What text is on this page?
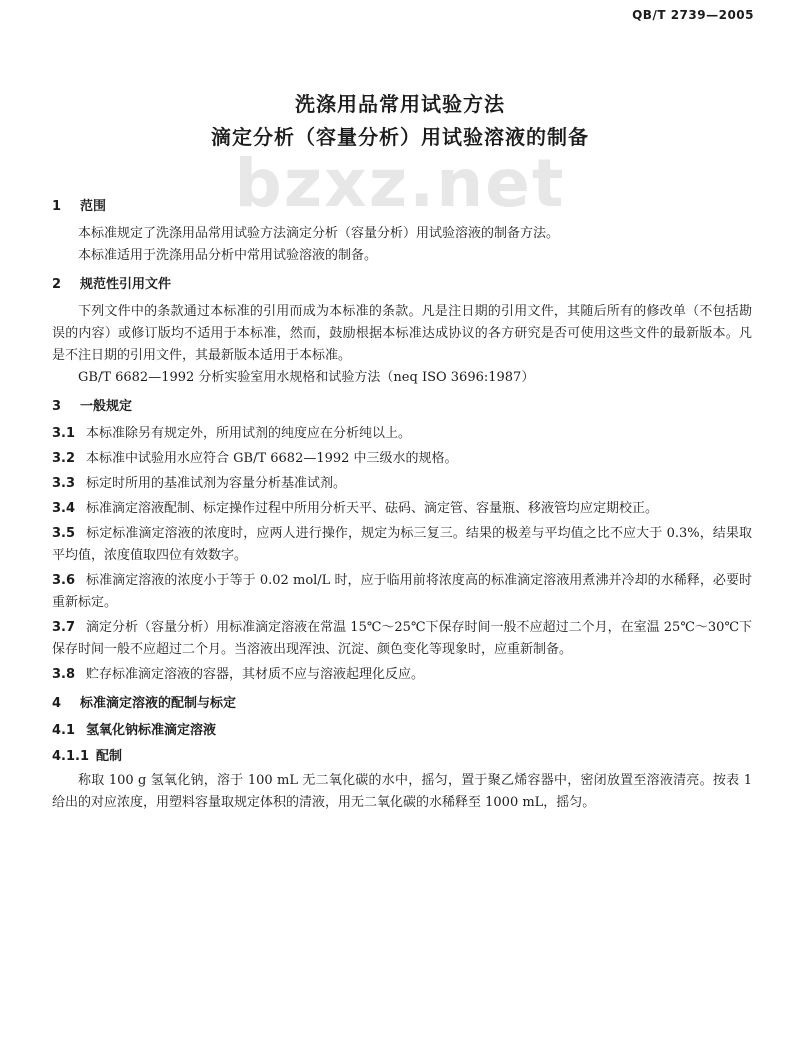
QB/T 2739—2005
洗涤用品常用试验方法
滴定分析（容量分析）用试验溶液的制备
bzxz.net
1 范围

本标准规定了洗涤用品常用试验方法滴定分析（容量分析）用试验溶液的制备方法。

本标准适用于洗涤用品分析中常用试验溶液的制备。

2 规范性引用文件

下列文件中的条款通过本标准的引用而成为本标准的条款。凡是注日期的引用文件，其随后所有的修改单（不包括勘误的内容）或修订版均不适用于本标准，然而，鼓励根据本标准达成协议的各方研究是否可使用这些文件的最新版本。凡是不注日期的引用文件，其最新版本适用于本标准。

GB/T 6682—1992 分析实验室用水规格和试验方法（neq ISO 3696:1987）

3 一般规定

3.1 本标准除另有规定外，所用试剂的纯度应在分析纯以上。

3.2 本标准中试验用水应符合 GB/T 6682—1992 中三级水的规格。

3.3 标定时所用的基准试剂为容量分析基准试剂。

3.4 标准滴定溶液配制、标定操作过程中所用分析天平、砝码、滴定管、容量瓶、移液管均应定期校正。

3.5 标定标准滴定溶液的浓度时，应两人进行操作，规定为标三复三。结果的极差与平均值之比不应大于 0.3%，结果取平均值，浓度值取四位有效数字。

3.6 标准滴定溶液的浓度小于等于 0.02 mol/L 时，应于临用前将浓度高的标准滴定溶液用煮沸并冷却的水稀释，必要时重新标定。

3.7 滴定分析（容量分析）用标准滴定溶液在常温 15℃～25℃下保存时间一般不应超过二个月，在室温 25℃～30℃下保存时间一般不应超过二个月。当溶液出现浑浊、沉淀、颜色变化等现象时，应重新制备。

3.8 贮存标准滴定溶液的容器，其材质不应与溶液起理化反应。

4 标准滴定溶液的配制与标定
4.1 氢氧化钠标准滴定溶液
4.1.1 配制

称取 100 g 氢氧化钠，溶于 100 mL 无二氧化碳的水中，摇匀，置于聚乙烯容器中，密闭放置至溶液清亮。按表 1 给出的对应浓度，用塑料容量取规定体积的清液，用无二氧化碳的水稀释至 1000 mL，摇匀。
